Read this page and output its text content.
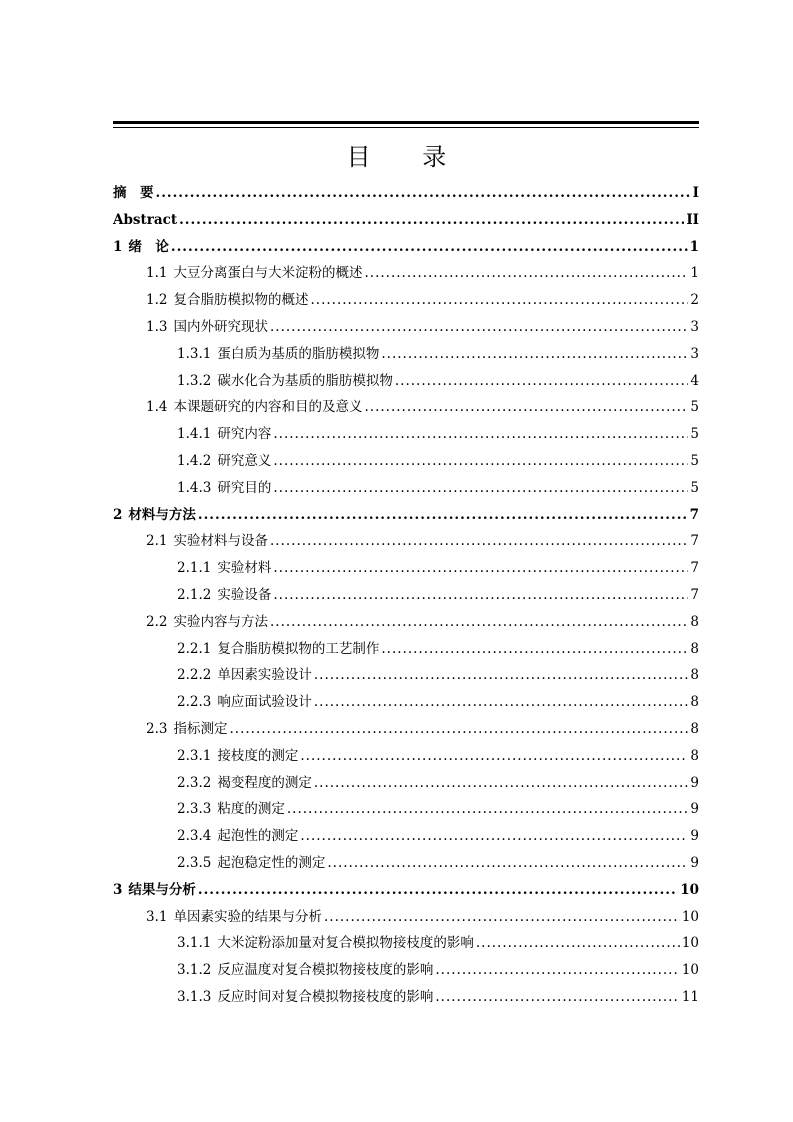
目 录
摘　要 .....	I
Abstract .....	II
1 绪　论 .....	1
1.1 大豆分离蛋白与大米淀粉的概述 .....	1
1.2 复合脂肪模拟物的概述 .....	2
1.3 国内外研究现状 .....	3
1.3.1 蛋白质为基质的脂肪模拟物 .....	3
1.3.2 碳水化合为基质的脂肪模拟物 .....	4
1.4 本课题研究的内容和目的及意义 .....	5
1.4.1 研究内容 .....	5
1.4.2 研究意义 .....	5
1.4.3 研究目的 .....	5
2 材料与方法 .....	7
2.1 实验材料与设备 .....	7
2.1.1 实验材料 .....	7
2.1.2 实验设备 .....	7
2.2 实验内容与方法 .....	8
2.2.1 复合脂肪模拟物的工艺制作 .....	8
2.2.2 单因素实验设计 .....	8
2.2.3 响应面试验设计 .....	8
2.3 指标测定 .....	8
2.3.1 接枝度的测定 .....	8
2.3.2 褐变程度的测定 .....	9
2.3.3 粘度的测定 .....	9
2.3.4 起泡性的测定 .....	9
2.3.5 起泡稳定性的测定 .....	9
3 结果与分析 .....	10
3.1 单因素实验的结果与分析 .....	10
3.1.1 大米淀粉添加量对复合模拟物接枝度的影响 .....	10
3.1.2 反应温度对复合模拟物接枝度的影响 .....	10
3.1.3 反应时间对复合模拟物接枝度的影响 .....	11
